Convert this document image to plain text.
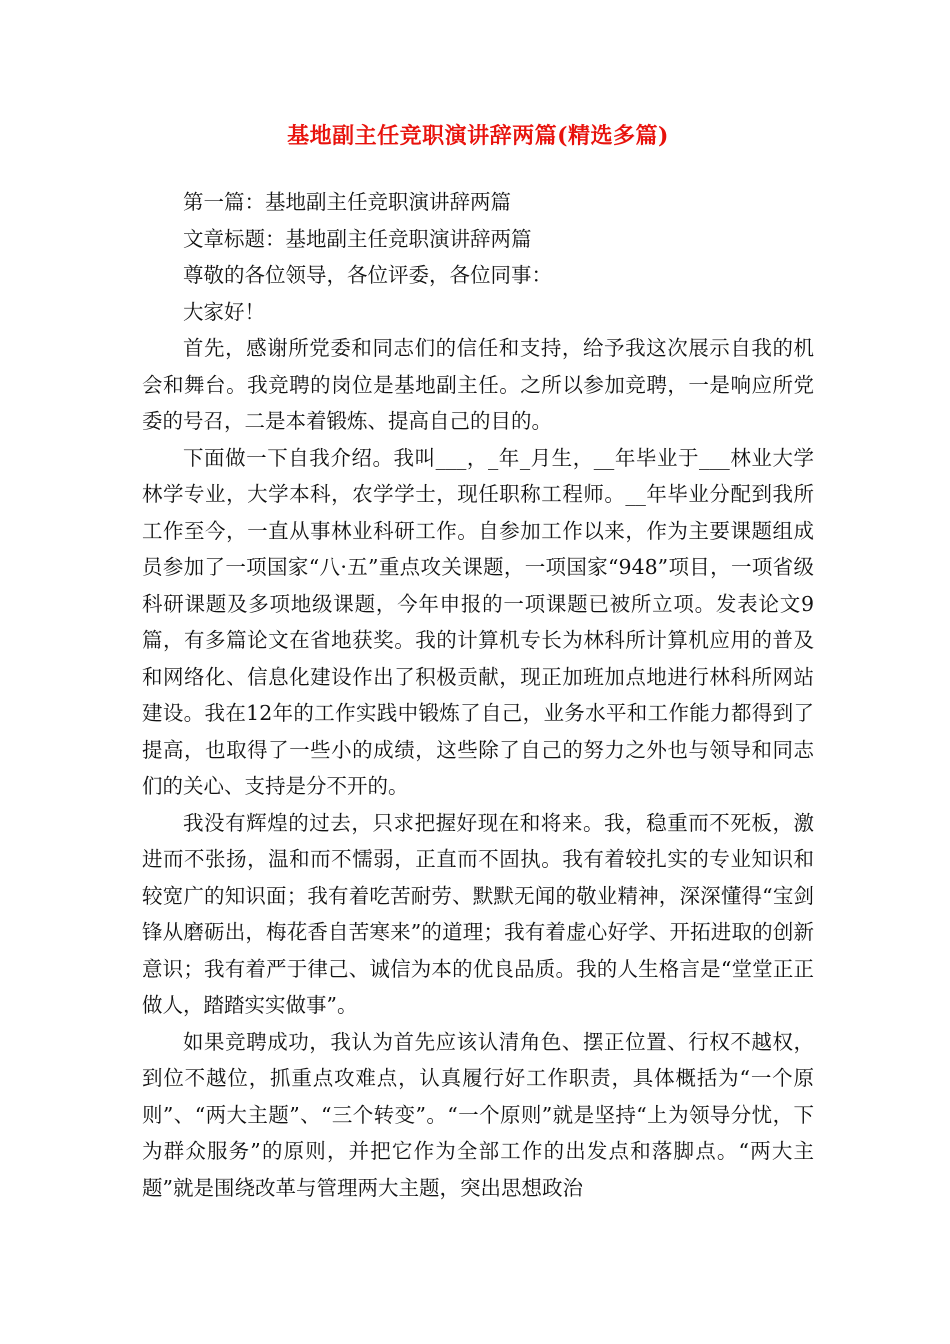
基地副主任竞职演讲辞两篇(精选多篇)

第一篇：基地副主任竞职演讲辞两篇

文章标题：基地副主任竞职演讲辞两篇

尊敬的各位领导，各位评委，各位同事：

大家好！

首先，感谢所党委和同志们的信任和支持，给予我这次展示自我的机会和舞台。我竞聘的岗位是基地副主任。之所以参加竞聘，一是响应所党委的号召，二是本着锻炼、提高自己的目的。

下面做一下自我介绍。我叫___，_年_月生，__年毕业于___林业大学林学专业，大学本科，农学学士，现任职称工程师。__年毕业分配到我所工作至今，一直从事林业科研工作。自参加工作以来，作为主要课题组成员参加了一项国家“八·五”重点攻关课题，一项国家“948”项目，一项省级科研课题及多项地级课题，今年申报的一项课题已被所立项。发表论文9篇，有多篇论文在省地获奖。我的计算机专长为林科所计算机应用的普及和网络化、信息化建设作出了积极贡献，现正加班加点地进行林科所网站建设。我在12年的工作实践中锻炼了自己，业务水平和工作能力都得到了提高，也取得了一些小的成绩，这些除了自己的努力之外也与领导和同志们的关心、支持是分不开的。

我没有辉煌的过去，只求把握好现在和将来。我，稳重而不死板，激进而不张扬，温和而不懦弱，正直而不固执。我有着较扎实的专业知识和较宽广的知识面；我有着吃苦耐劳、默默无闻的敬业精神，深深懂得“宝剑锋从磨砺出，梅花香自苦寒来”的道理；我有着虚心好学、开拓进取的创新意识；我有着严于律己、诚信为本的优良品质。我的人生格言是“堂堂正正做人，踏踏实实做事”。

如果竞聘成功，我认为首先应该认清角色、摆正位置、行权不越权，到位不越位，抓重点攻难点，认真履行好工作职责，具体概括为“一个原则”、“两大主题”、“三个转变”。“一个原则”就是坚持“上为领导分忧，下为群众服务”的原则，并把它作为全部工作的出发点和落脚点。“两大主题”就是围绕改革与管理两大主题，突出思想政治
